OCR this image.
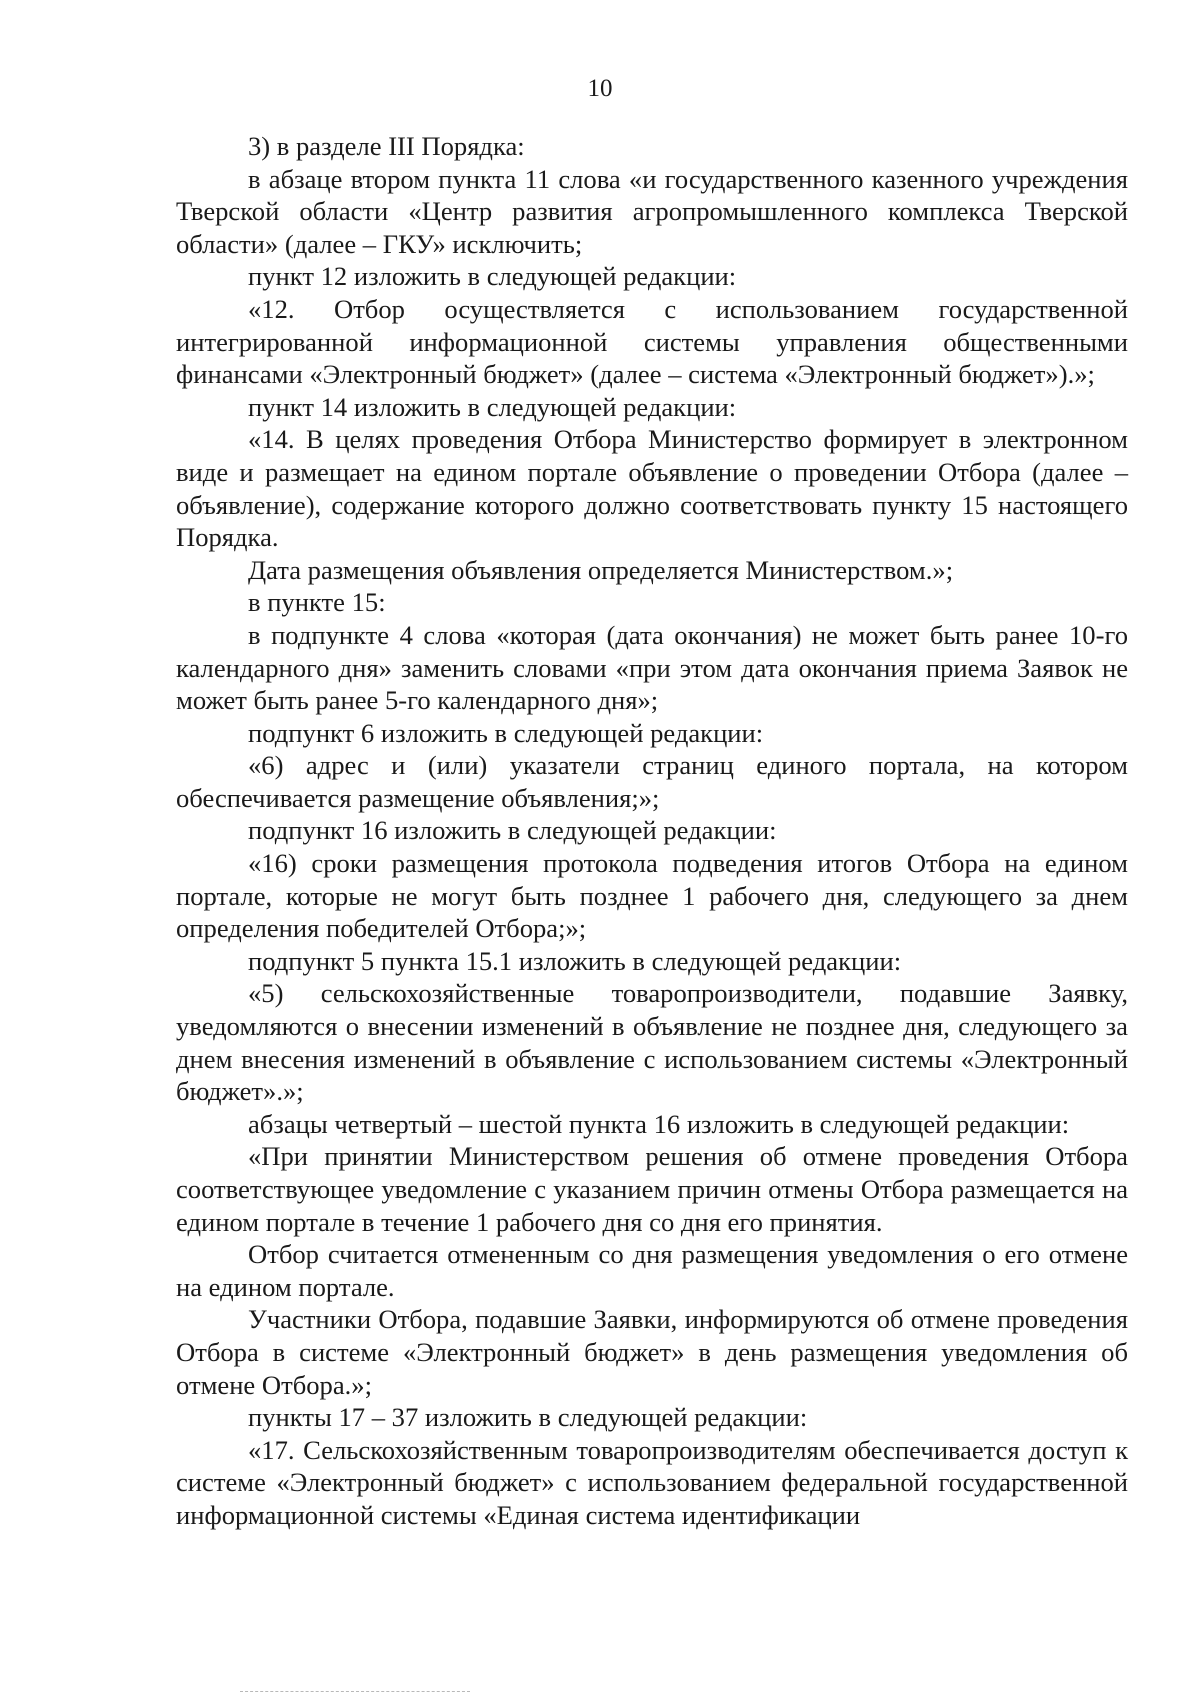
10

3) в разделе III Порядка:

в абзаце втором пункта 11 слова «и государственного казенного учреждения Тверской области «Центр развития агропромышленного комплекса Тверской области» (далее – ГКУ» исключить;

пункт 12 изложить в следующей редакции:

«12. Отбор осуществляется с использованием государственной интегрированной информационной системы управления общественными финансами «Электронный бюджет» (далее – система «Электронный бюджет»).»;

пункт 14 изложить в следующей редакции:

«14. В целях проведения Отбора Министерство формирует в электронном виде и размещает на едином портале объявление о проведении Отбора (далее – объявление), содержание которого должно соответствовать пункту 15 настоящего Порядка.

Дата размещения объявления определяется Министерством.»;

в пункте 15:

в подпункте 4 слова «которая (дата окончания) не может быть ранее 10-го календарного дня» заменить словами «при этом дата окончания приема Заявок не может быть ранее 5-го календарного дня»;

подпункт 6 изложить в следующей редакции:

«6) адрес и (или) указатели страниц единого портала, на котором обеспечивается размещение объявления;»;

подпункт 16 изложить в следующей редакции:

«16) сроки размещения протокола подведения итогов Отбора на едином портале, которые не могут быть позднее 1 рабочего дня, следующего за днем определения победителей Отбора;»;

подпункт 5 пункта 15.1 изложить в следующей редакции:

«5) сельскохозяйственные товаропроизводители, подавшие Заявку, уведомляются о внесении изменений в объявление не позднее дня, следующего за днем внесения изменений в объявление с использованием системы «Электронный бюджет».»;

абзацы четвертый – шестой пункта 16 изложить в следующей редакции:

«При принятии Министерством решения об отмене проведения Отбора соответствующее уведомление с указанием причин отмены Отбора размещается на едином портале в течение 1 рабочего дня со дня его принятия.

Отбор считается отмененным со дня размещения уведомления о его отмене на едином портале.

Участники Отбора, подавшие Заявки, информируются об отмене проведения Отбора в системе «Электронный бюджет» в день размещения уведомления об отмене Отбора.»;

пункты 17 – 37 изложить в следующей редакции:

«17. Сельскохозяйственным товаропроизводителям обеспечивается доступ к системе «Электронный бюджет» с использованием федеральной государственной информационной системы «Единая система идентификации
